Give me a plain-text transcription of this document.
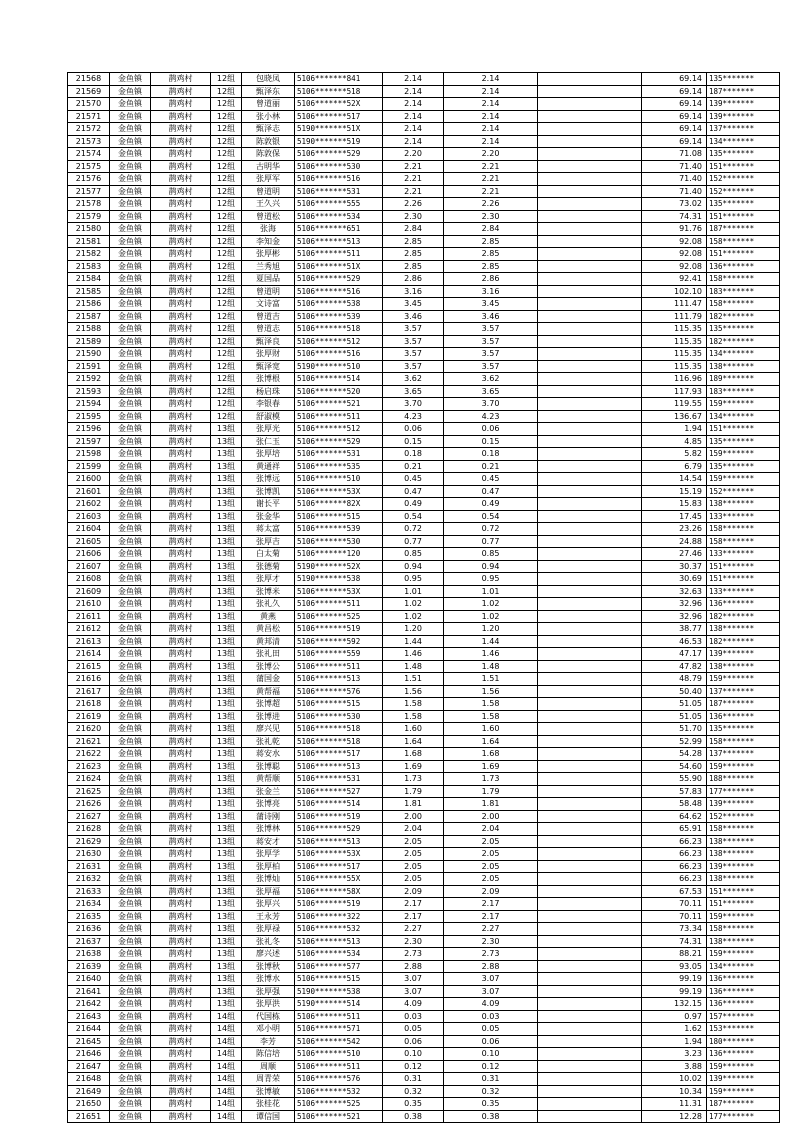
21568	金鱼镇	鹊鸡村	12组	包晓凤	5106*******841	2.14	2.14		69.14	135*******
21569	金鱼镇	鹊鸡村	12组	甄泽东	5106*******518	2.14	2.14		69.14	187*******
21570	金鱼镇	鹊鸡村	12组	曾道丽	5106*******52X	2.14	2.14		69.14	139*******
21571	金鱼镇	鹊鸡村	12组	张小林	5106*******517	2.14	2.14		69.14	139*******
21572	金鱼镇	鹊鸡村	12组	甄泽志	5190*******51X	2.14	2.14		69.14	137*******
21573	金鱼镇	鹊鸡村	12组	陈敦银	5190*******519	2.14	2.14		69.14	134*******
21574	金鱼镇	鹊鸡村	12组	陈敦保	5106*******529	2.20	2.20		71.08	135*******
21575	金鱼镇	鹊鸡村	12组	古明华	5106*******530	2.21	2.21		71.40	151*******
21576	金鱼镇	鹊鸡村	12组	张厚军	5106*******516	2.21	2.21		71.40	152*******
21577	金鱼镇	鹊鸡村	12组	曾道明	5106*******531	2.21	2.21		71.40	152*******
21578	金鱼镇	鹊鸡村	12组	王久兴	5106*******555	2.26	2.26		73.02	135*******
21579	金鱼镇	鹊鸡村	12组	曾道松	5106*******534	2.30	2.30		74.31	151*******
21580	金鱼镇	鹊鸡村	12组	张海	5106*******651	2.84	2.84		91.76	187*******
21581	金鱼镇	鹊鸡村	12组	李知金	5106*******513	2.85	2.85		92.08	158*******
21582	金鱼镇	鹊鸡村	12组	张厚彬	5106*******511	2.85	2.85		92.08	151*******
21583	金鱼镇	鹊鸡村	12组	兰秀旭	5106*******51X	2.85	2.85		92.08	136*******
21584	金鱼镇	鹊鸡村	12组	夏国品	5106*******529	2.86	2.86		92.41	158*******
21585	金鱼镇	鹊鸡村	12组	曾道明	5106*******516	3.16	3.16		102.10	183*******
21586	金鱼镇	鹊鸡村	12组	文诗富	5106*******538	3.45	3.45		111.47	158*******
21587	金鱼镇	鹊鸡村	12组	曾道吉	5106*******539	3.46	3.46		111.79	182*******
21588	金鱼镇	鹊鸡村	12组	曾道志	5106*******518	3.57	3.57		115.35	135*******
21589	金鱼镇	鹊鸡村	12组	甄泽良	5106*******512	3.57	3.57		115.35	182*******
21590	金鱼镇	鹊鸡村	12组	张厚财	5106*******516	3.57	3.57		115.35	134*******
21591	金鱼镇	鹊鸡村	12组	甄泽宽	5190*******510	3.57	3.57		115.35	138*******
21592	金鱼镇	鹊鸡村	12组	张博根	5106*******514	3.62	3.62		116.96	189*******
21593	金鱼镇	鹊鸡村	12组	杨启珠	5106*******520	3.65	3.65		117.93	183*******
21594	金鱼镇	鹊鸡村	12组	李银春	5106*******521	3.70	3.70		119.55	159*******
21595	金鱼镇	鹊鸡村	12组	舒淑模	5106*******511	4.23	4.23		136.67	134*******
21596	金鱼镇	鹊鸡村	13组	张厚光	5106*******512	0.06	0.06		1.94	151*******
21597	金鱼镇	鹊鸡村	13组	张仁玉	5106*******529	0.15	0.15		4.85	135*******
21598	金鱼镇	鹊鸡村	13组	张厚培	5106*******531	0.18	0.18		5.82	159*******
21599	金鱼镇	鹊鸡村	13组	黄通祥	5106*******535	0.21	0.21		6.79	135*******
21600	金鱼镇	鹊鸡村	13组	张博远	5106*******510	0.45	0.45		14.54	159*******
21601	金鱼镇	鹊鸡村	13组	张博凯	5106*******53X	0.47	0.47		15.19	152*******
21602	金鱼镇	鹊鸡村	13组	谢长平	5106*******82X	0.49	0.49		15.83	138*******
21603	金鱼镇	鹊鸡村	13组	张金华	5106*******515	0.54	0.54		17.45	133*******
21604	金鱼镇	鹊鸡村	13组	蒋太富	5106*******539	0.72	0.72		23.26	158*******
21605	金鱼镇	鹊鸡村	13组	张厚吉	5106*******530	0.77	0.77		24.88	158*******
21606	金鱼镇	鹊鸡村	13组	白太菊	5106*******120	0.85	0.85		27.46	133*******
21607	金鱼镇	鹊鸡村	13组	张德菊	5190*******52X	0.94	0.94		30.37	151*******
21608	金鱼镇	鹊鸡村	13组	张厚才	5190*******538	0.95	0.95		30.69	151*******
21609	金鱼镇	鹊鸡村	13组	张博米	5106*******53X	1.01	1.01		32.63	133*******
21610	金鱼镇	鹊鸡村	13组	张礼久	5106*******511	1.02	1.02		32.96	136*******
21611	金鱼镇	鹊鸡村	13组	黄燕	5106*******525	1.02	1.02		32.96	182*******
21612	金鱼镇	鹊鸡村	13组	黄昌松	5106*******519	1.20	1.20		38.77	138*******
21613	金鱼镇	鹊鸡村	13组	黄邦清	5106*******592	1.44	1.44		46.53	182*******
21614	金鱼镇	鹊鸡村	13组	张礼田	5106*******559	1.46	1.46		47.17	139*******
21615	金鱼镇	鹊鸡村	13组	张博公	5106*******511	1.48	1.48		47.82	138*******
21616	金鱼镇	鹊鸡村	13组	蒲国金	5106*******513	1.51	1.51		48.79	159*******
21617	金鱼镇	鹊鸡村	13组	黄帮福	5106*******576	1.56	1.56		50.40	137*******
21618	金鱼镇	鹊鸡村	13组	张博超	5106*******515	1.58	1.58		51.05	187*******
21619	金鱼镇	鹊鸡村	13组	张博进	5106*******530	1.58	1.58		51.05	136*******
21620	金鱼镇	鹊鸡村	13组	廖兴见	5106*******518	1.60	1.60		51.70	135*******
21621	金鱼镇	鹊鸡村	13组	张礼乾	5106*******518	1.64	1.64		52.99	158*******
21622	金鱼镇	鹊鸡村	13组	蒋安水	5106*******517	1.68	1.68		54.28	137*******
21623	金鱼镇	鹊鸡村	13组	张博聪	5106*******513	1.69	1.69		54.60	159*******
21624	金鱼镇	鹊鸡村	13组	黄帮顺	5106*******531	1.73	1.73		55.90	188*******
21625	金鱼镇	鹊鸡村	13组	张金兰	5106*******527	1.79	1.79		57.83	177*******
21626	金鱼镇	鹊鸡村	13组	张博亮	5106*******514	1.81	1.81		58.48	139*******
21627	金鱼镇	鹊鸡村	13组	蒲诗刚	5106*******519	2.00	2.00		64.62	152*******
21628	金鱼镇	鹊鸡村	13组	张博林	5106*******529	2.04	2.04		65.91	158*******
21629	金鱼镇	鹊鸡村	13组	蒋安才	5106*******513	2.05	2.05		66.23	138*******
21630	金鱼镇	鹊鸡村	13组	张厚学	5106*******53X	2.05	2.05		66.23	138*******
21631	金鱼镇	鹊鸡村	13组	张厚柏	5106*******517	2.05	2.05		66.23	139*******
21632	金鱼镇	鹊鸡村	13组	张博灿	5106*******55X	2.05	2.05		66.23	138*******
21633	金鱼镇	鹊鸡村	13组	张厚福	5106*******58X	2.09	2.09		67.53	151*******
21634	金鱼镇	鹊鸡村	13组	张厚兴	5106*******519	2.17	2.17		70.11	151*******
21635	金鱼镇	鹊鸡村	13组	王永芳	5106*******322	2.17	2.17		70.11	159*******
21636	金鱼镇	鹊鸡村	13组	张厚禄	5106*******532	2.27	2.27		73.34	158*******
21637	金鱼镇	鹊鸡村	13组	张礼冬	5106*******513	2.30	2.30		74.31	138*******
21638	金鱼镇	鹊鸡村	13组	廖兴述	5106*******534	2.73	2.73		88.21	159*******
21639	金鱼镇	鹊鸡村	13组	张博秋	5106*******577	2.88	2.88		93.05	134*******
21640	金鱼镇	鹊鸡村	13组	张博水	5106*******515	3.07	3.07		99.19	136*******
21641	金鱼镇	鹊鸡村	13组	张厚强	5190*******538	3.07	3.07		99.19	136*******
21642	金鱼镇	鹊鸡村	13组	张厚洪	5190*******514	4.09	4.09		132.15	136*******
21643	金鱼镇	鹊鸡村	14组	代国栋	5106*******511	0.03	0.03		0.97	157*******
21644	金鱼镇	鹊鸡村	14组	邓小明	5106*******571	0.05	0.05		1.62	153*******
21645	金鱼镇	鹊鸡村	14组	李芳	5106*******542	0.06	0.06		1.94	180*******
21646	金鱼镇	鹊鸡村	14组	陈信培	5106*******510	0.10	0.10		3.23	136*******
21647	金鱼镇	鹊鸡村	14组	周顺	5106*******511	0.12	0.12		3.88	159*******
21648	金鱼镇	鹊鸡村	14组	周青荣	5106*******576	0.31	0.31		10.02	139*******
21649	金鱼镇	鹊鸡村	14组	张博敏	5106*******532	0.32	0.32		10.34	159*******
21650	金鱼镇	鹊鸡村	14组	张桂花	5106*******525	0.35	0.35		11.31	187*******
21651	金鱼镇	鹊鸡村	14组	谭信国	5106*******521	0.38	0.38		12.28	177*******
